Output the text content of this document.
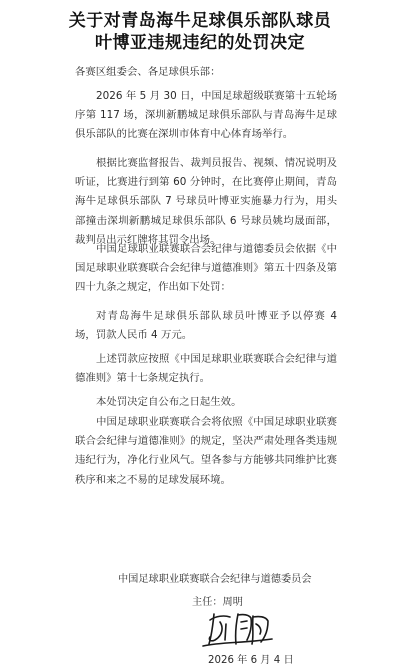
关于对青岛海牛足球俱乐部队球员
叶博亚违规违纪的处罚决定

各赛区组委会、各足球俱乐部：

2026 年 5 月 30 日，中国足球超级联赛第十五轮场序第 117 场，深圳新鹏城足球俱乐部队与青岛海牛足球俱乐部队的比赛在深圳市体育中心体育场举行。

根据比赛监督报告、裁判员报告、视频、情况说明及听证，比赛进行到第 60 分钟时，在比赛停止期间，青岛海牛足球俱乐部队 7 号球员叶博亚实施暴力行为，用头部撞击深圳新鹏城足球俱乐部队 6 号球员姚均晟面部，裁判员出示红牌将其罚令出场。

中国足球职业联赛联合会纪律与道德委员会依据《中国足球职业联赛联合会纪律与道德准则》第五十四条及第四十九条之规定，作出如下处罚：

对青岛海牛足球俱乐部队球员叶博亚予以停赛 4 场，罚款人民币 4 万元。

上述罚款应按照《中国足球职业联赛联合会纪律与道德准则》第十七条规定执行。

本处罚决定自公布之日起生效。

中国足球职业联赛联合会将依照《中国足球职业联赛联合会纪律与道德准则》的规定，坚决严肃处理各类违规违纪行为，净化行业风气。望各参与方能够共同维护比赛秩序和来之不易的足球发展环境。

中国足球职业联赛联合会纪律与道德委员会
主任：周明
2026 年 6 月 4 日
